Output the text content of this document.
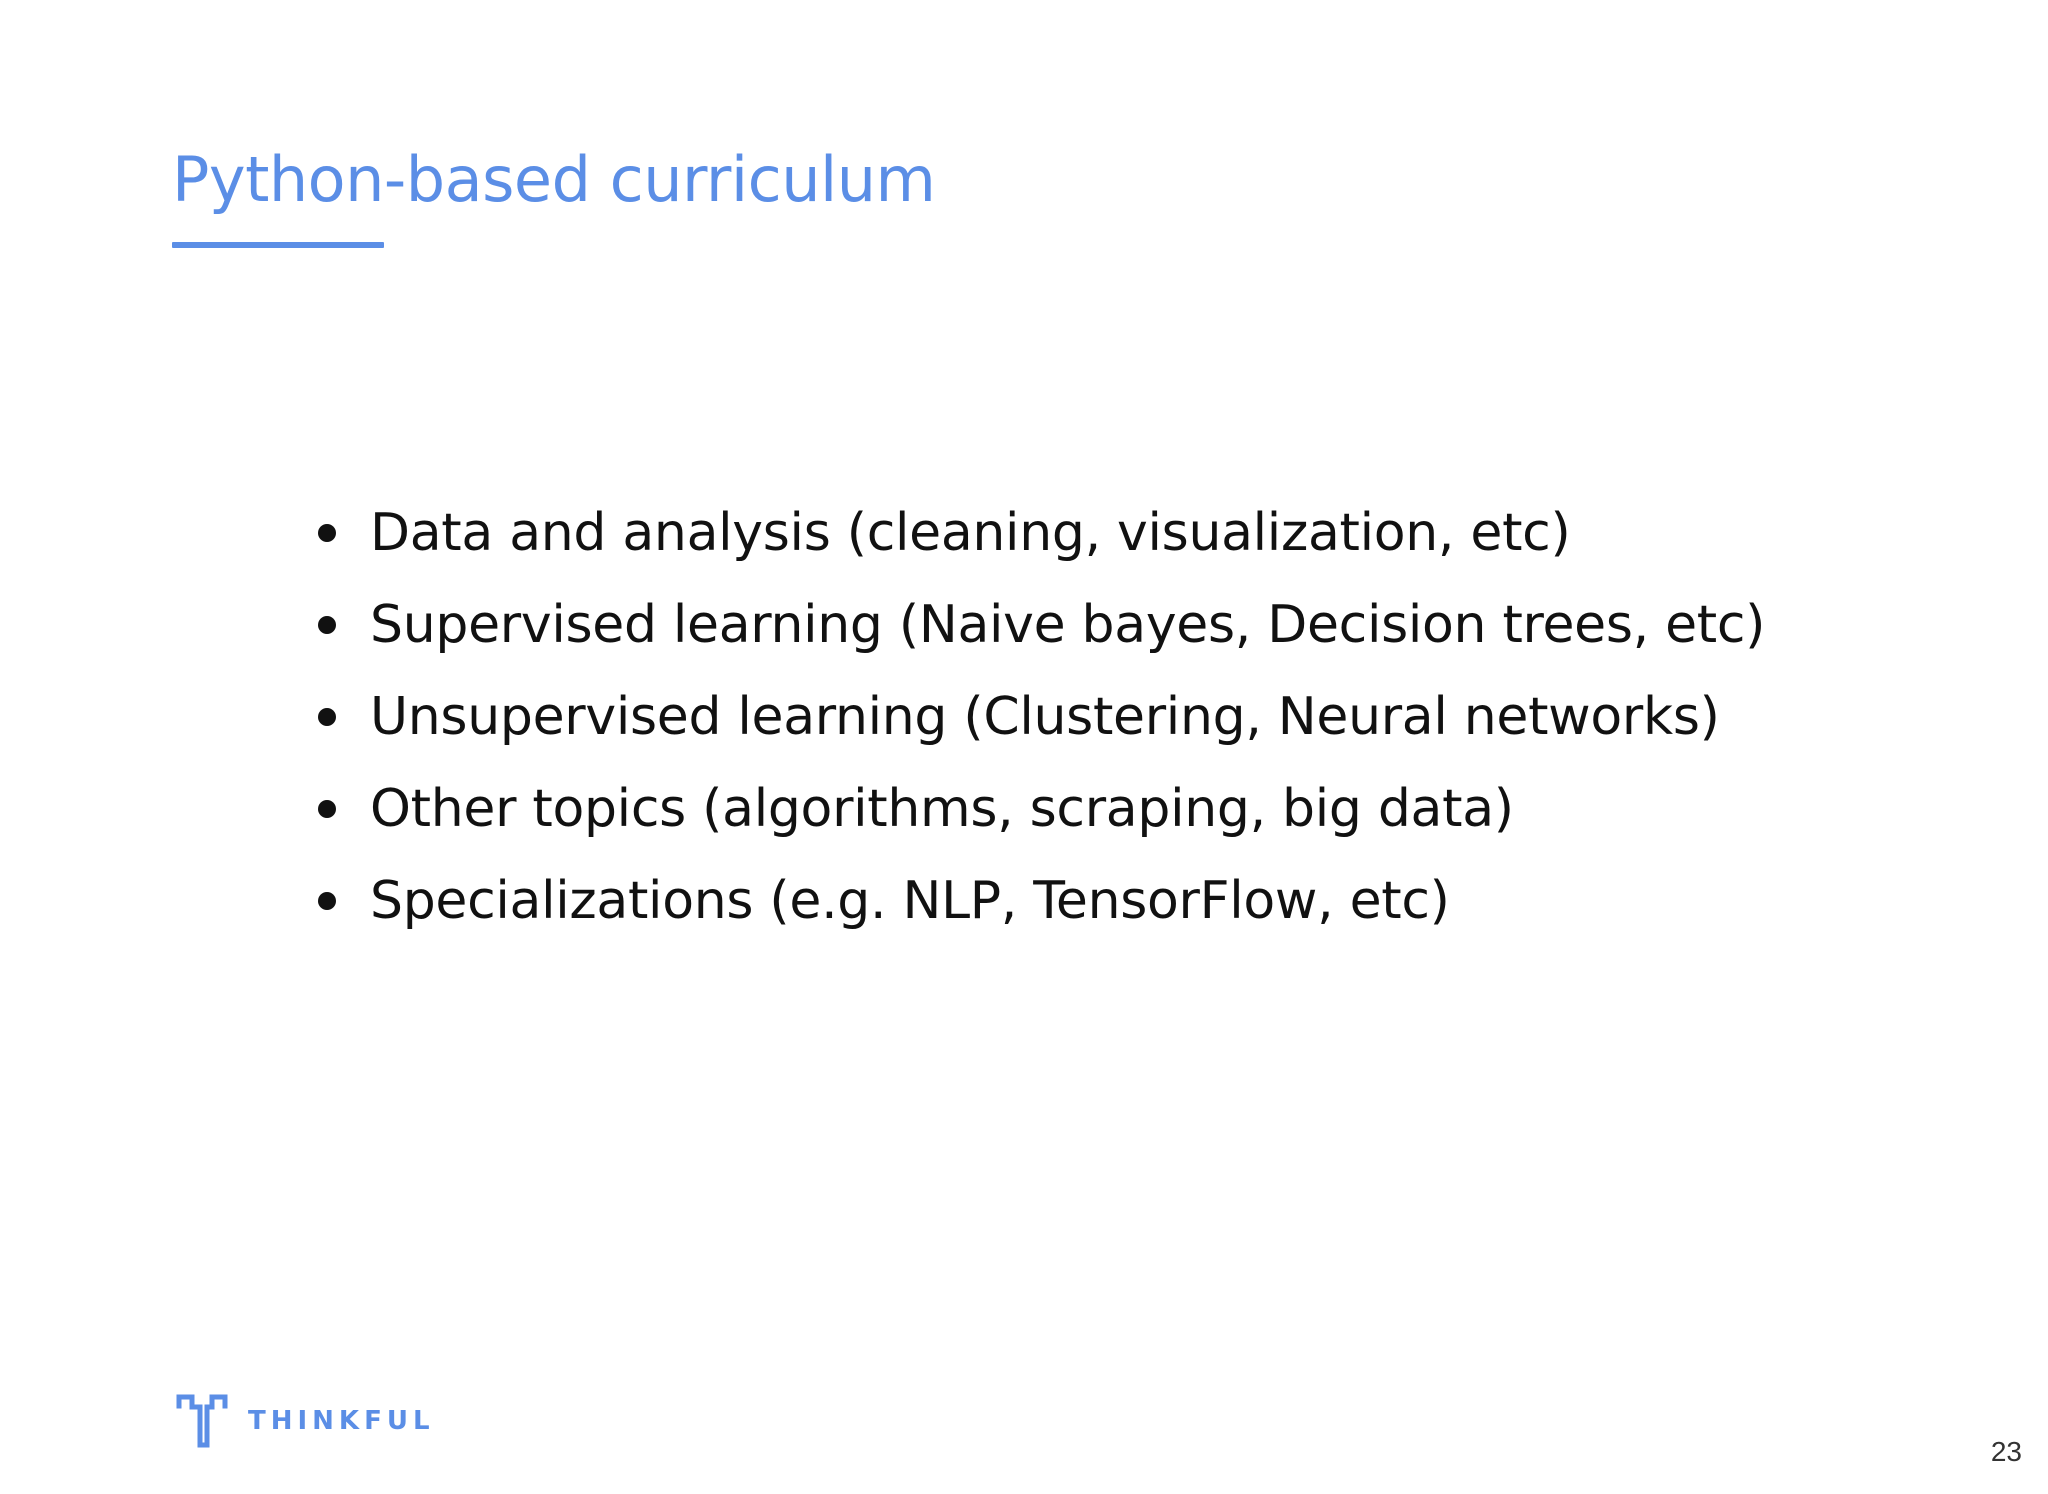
Python-based curriculum
Data and analysis (cleaning, visualization, etc)
Supervised learning (Naive bayes, Decision trees, etc)
Unsupervised learning (Clustering, Neural networks)
Other topics (algorithms, scraping, big data)
Specializations (e.g. NLP, TensorFlow, etc)
THINKFUL
23
